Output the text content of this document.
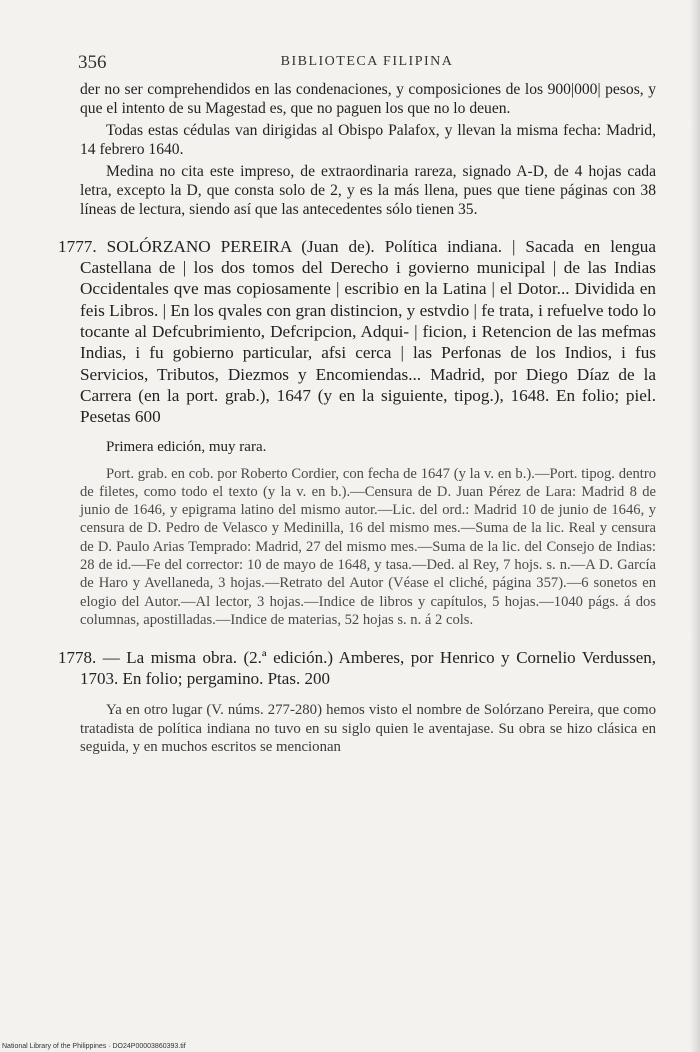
356	BIBLIOTECA FILIPINA

der no ser comprehendidos en las condenaciones, y composiciones de los 900|000| pesos, y que el intento de su Magestad es, que no paguen los que no lo deuen.

Todas estas cédulas van dirigidas al Obispo Palafox, y llevan la misma fecha: Madrid, 14 febrero 1640.

Medina no cita este impreso, de extraordinaria rareza, signado A-D, de 4 hojas cada letra, excepto la D, que consta solo de 2, y es la más llena, pues que tiene páginas con 38 líneas de lectura, siendo así que las antecedentes sólo tienen 35.

1777. SOLÓRZANO PEREIRA (Juan de). Política indiana. | Sacada en lengua Castellana de | los dos tomos del Derecho i govierno municipal | de las Indias Occidentales qve mas copiosamente | escribio en la Latina | el Dotor... Dividida en feis Libros. | En los qvales con gran distincion, y estvdio | fe trata, i refuelve todo lo tocante al Defcubrimiento, Defcripcion, Adqui- | ficion, i Retencion de las mefmas Indias, i fu gobierno particular, afsi cerca | las Perfonas de los Indios, i fus Servicios, Tributos, Diezmos y Encomiendas... Madrid, por Diego Díaz de la Carrera (en la port. grab.), 1647 (y en la siguiente, tipog.), 1648. En folio; piel. Pesetas 600

Primera edición, muy rara.

Port. grab. en cob. por Roberto Cordier, con fecha de 1647 (y la v. en b.).—Port. tipog. dentro de filetes, como todo el texto (y la v. en b.).—Censura de D. Juan Pérez de Lara: Madrid 8 de junio de 1646, y epigrama latino del mismo autor.—Lic. del ord.: Madrid 10 de junio de 1646, y censura de D. Pedro de Velasco y Medinilla, 16 del mismo mes.—Suma de la lic. Real y censura de D. Paulo Arias Temprado: Madrid, 27 del mismo mes.—Suma de la lic. del Consejo de Indias: 28 de id.—Fe del corrector: 10 de mayo de 1648, y tasa.—Ded. al Rey, 7 hojs. s. n.—A D. García de Haro y Avellaneda, 3 hojas.—Retrato del Autor (Véase el cliché, página 357).—6 sonetos en elogio del Autor.—Al lector, 3 hojas.—Indice de libros y capítulos, 5 hojas.—1040 págs. á dos columnas, apostilladas.—Indice de materias, 52 hojas s. n. á 2 cols.

1778. — La misma obra. (2.ª edición.) Amberes, por Henrico y Cornelio Verdussen, 1703. En folio; pergamino. Ptas. 200

Ya en otro lugar (V. núms. 277-280) hemos visto el nombre de Solórzano Pereira, que como tratadista de política indiana no tuvo en su siglo quien le aventajase. Su obra se hizo clásica en seguida, y en muchos escritos se mencionan

National Library of the Philippines · DO24P00003860393.tif
